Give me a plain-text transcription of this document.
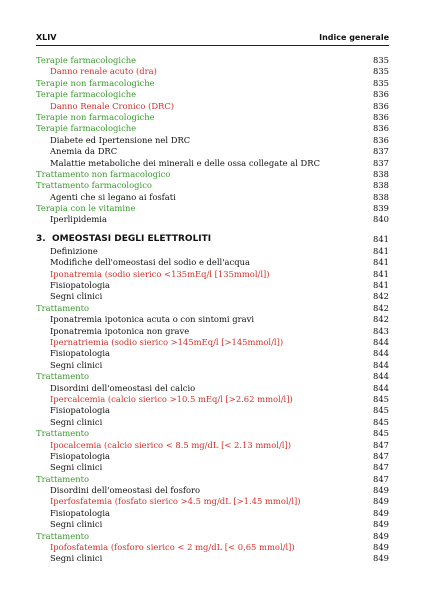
XLIV	Indice generale
Terapie farmacologiche	835
Danno renale acuto (dra)	835
Terapie non farmacologiche	835
Terapie farmacologiche	836
Danno Renale Cronico (DRC)	836
Terapie non farmacologiche	836
Terapie farmacologiche	836
Diabete ed Ipertensione nel DRC	836
Anemia da DRC	837
Malattie metaboliche dei minerali e delle ossa collegate al DRC	837
Trattamento non farmacologico	838
Trattamento farmacologico	838
Agenti che si legano ai fosfati	838
Terapia con le vitamine	839
Iperlipidemia	840
3. OMEOSTASI DEGLI ELETTROLITI	841
Definizione	841
Modifiche dell'omeostasi del sodio e dell'acqua	841
Iponatremia (sodio sierico <135mEq/l [135mmol/l])	841
Fisiopatologia	841
Segni clinici	842
Trattamento	842
Iponatremia ipotonica acuta o con sintomi gravi	842
Iponatremia ipotonica non grave	843
Ipernatriemia (sodio sierico >145mEq/l [>145mmol/l])	844
Fisiopatologia	844
Segni clinici	844
Trattamento	844
Disordini dell'omeostasi del calcio	844
Ipercalcemia (calcio sierico >10.5 mEq/l [>2.62 mmol/l])	845
Fisiopatologia	845
Segni clinici	845
Trattamento	845
Ipocalcemia (calcio sierico < 8.5 mg/dL [< 2.13 mmol/l])	847
Fisiopatologia	847
Segni clinici	847
Trattamento	847
Disordini dell'omeostasi del fosforo	849
Iperfosfatemia (fosfato sierico >4.5 mg/dL [>1.45 mmol/l])	849
Fisiopatologia	849
Segni clinici	849
Trattamento	849
Ipofosfatemia (fosforo sierico < 2 mg/dL [< 0,65 mmol/l])	849
Segni clinici	849
